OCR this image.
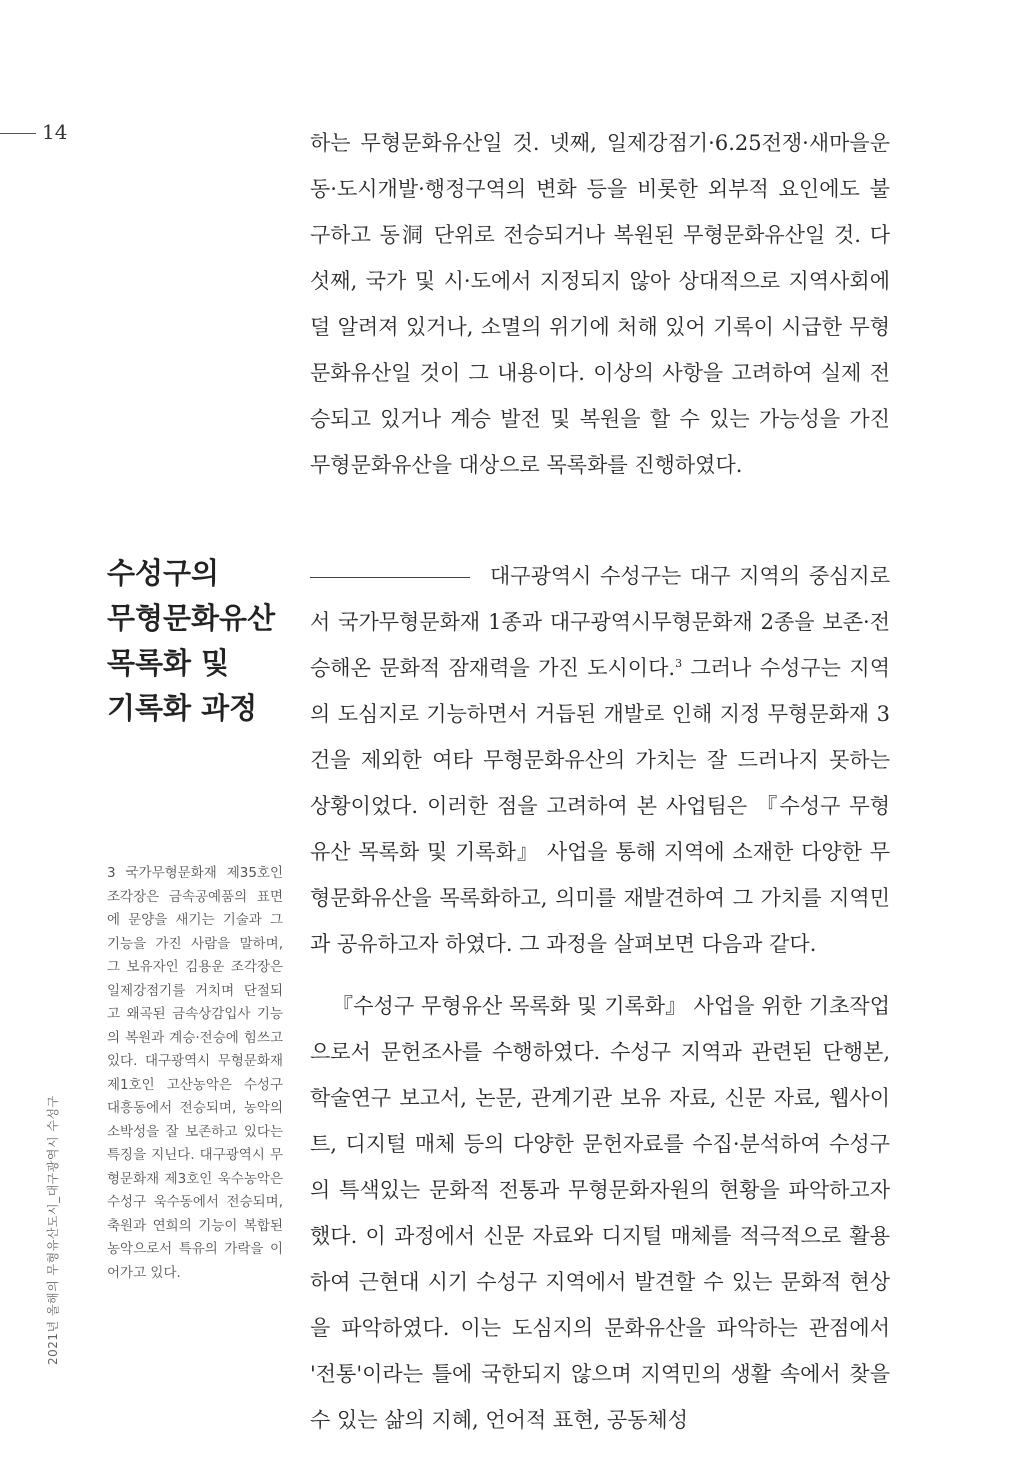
14	하는 무형문화유산일 것. 넷째, 일제강점기·6.25전쟁·새마을운동·도시개발·행정구역의 변화 등을 비롯한 외부적 요인에도 불구하고 동洞 단위로 전승되거나 복원된 무형문화유산일 것. 다섯째, 국가 및 시·도에서 지정되지 않아 상대적으로 지역사회에 덜 알려져 있거나, 소멸의 위기에 처해 있어 기록이 시급한 무형문화유산일 것이 그 내용이다. 이상의 사항을 고려하여 실제 전승되고 있거나 계승 발전 및 복원을 할 수 있는 가능성을 가진 무형문화유산을 대상으로 목록화를 진행하였다.

수성구의
무형문화유산
목록화 및
기록화 과정

대구광역시 수성구는 대구 지역의 중심지로서 국가무형문화재 1종과 대구광역시무형문화재 2종을 보존·전승해온 문화적 잠재력을 가진 도시이다.$^3$ 그러나 수성구는 지역의 도심지로 기능하면서 거듭된 개발로 인해 지정 무형문화재 3건을 제외한 여타 무형문화유산의 가치는 잘 드러나지 못하는 상황이었다. 이러한 점을 고려하여 본 사업팀은 『수성구 무형유산 목록화 및 기록화』 사업을 통해 지역에 소재한 다양한 무형문화유산을 목록화하고, 의미를 재발견하여 그 가치를 지역민과 공유하고자 하였다. 그 과정을 살펴보면 다음과 같다.

『수성구 무형유산 목록화 및 기록화』 사업을 위한 기초작업으로서 문헌조사를 수행하였다. 수성구 지역과 관련된 단행본, 학술연구 보고서, 논문, 관계기관 보유 자료, 신문 자료, 웹사이트, 디지털 매체 등의 다양한 문헌자료를 수집·분석하여 수성구의 특색있는 문화적 전통과 무형문화자원의 현황을 파악하고자 했다. 이 과정에서 신문 자료와 디지털 매체를 적극적으로 활용하여 근현대 시기 수성구 지역에서 발견할 수 있는 문화적 현상을 파악하였다. 이는 도심지의 문화유산을 파악하는 관점에서 '전통'이라는 틀에 국한되지 않으며 지역민의 생활 속에서 찾을 수 있는 삶의 지혜, 언어적 표현, 공동체성

3 국가무형문화재 제35호인 조각장은 금속공예품의 표면에 문양을 새기는 기술과 그 기능을 가진 사람을 말하며, 그 보유자인 김용운 조각장은 일제강점기를 거치며 단절되고 왜곡된 금속상감입사 기능의 복원과 계승·전승에 힘쓰고 있다. 대구광역시 무형문화재 제1호인 고산농악은 수성구 대흥동에서 전승되며, 농악의 소박성을 잘 보존하고 있다는 특징을 지닌다. 대구광역시 무형문화재 제3호인 욱수농악은 수성구 욱수동에서 전승되며, 축원과 연희의 기능이 복합된 농악으로서 특유의 가락을 이어가고 있다.

2021년 올해의 무형유산도시_대구광역시 수성구
